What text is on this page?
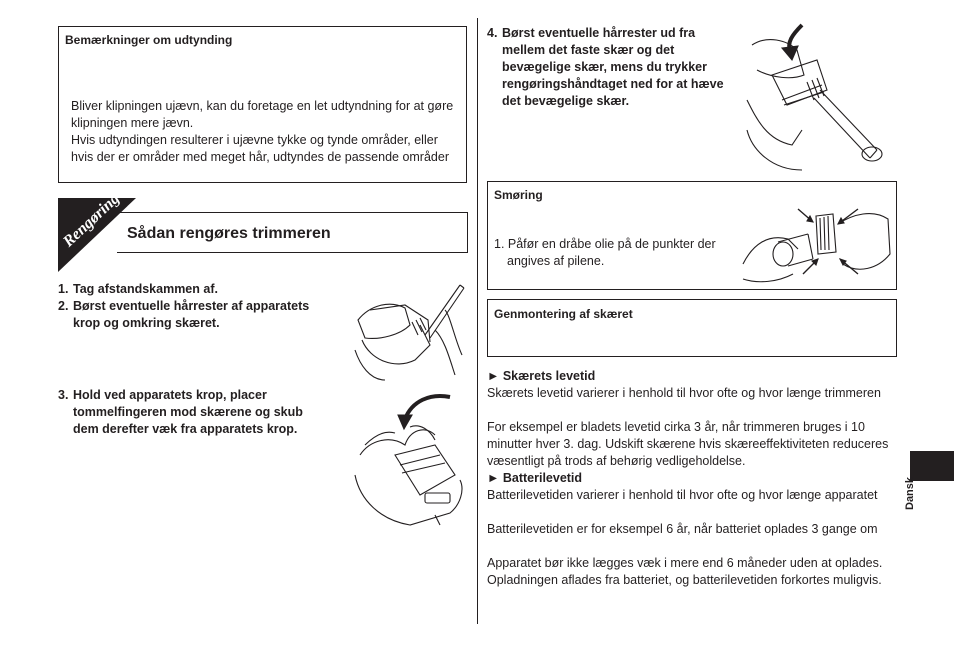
Bemærkninger om udtynding
Bliver klipningen ujævn, kan du foretage en let udtyndning for at gøre
klipningen mere jævn.
Hvis udtyndingen resulterer i ujævne tykke og tynde områder, eller
hvis der er områder med meget hår, udtyndes de passende områder
Rengøring Sådan rengøres trimmeren
1. Tag afstandskammen af.
2. Børst eventuelle hårrester af apparatets
krop og omkring skæret.
3. Hold ved apparatets krop, placer
tommelfingeren mod skærene og skub
dem derefter væk fra apparatets krop.
4. Børst eventuelle hårrester ud fra
mellem det faste skær og det
bevægelige skær, mens du trykker
rengøringshåndtaget ned for at hæve
det bevægelige skær.
Smøring
1. Påfør en dråbe olie på de punkter der
angives af pilene.
Genmontering af skæret
► Skærets levetid
Skærets levetid varierer i henhold til hvor ofte og hvor længe trimmeren
For eksempel er bladets levetid cirka 3 år, når trimmeren bruges i 10
minutter hver 3. dag. Udskift skærene hvis skæreeffektiviteten reduceres
væsentligt på trods af behørig vedligeholdelse.
► Batterilevetid
Batterilevetiden varierer i henhold til hvor ofte og hvor længe apparatet
Batterilevetiden er for eksempel 6 år, når batteriet oplades 3 gange om
Apparatet bør ikke lægges væk i mere end 6 måneder uden at oplades.
Opladningen aflades fra batteriet, og batterilevetiden forkortes muligvis.
Dansk
